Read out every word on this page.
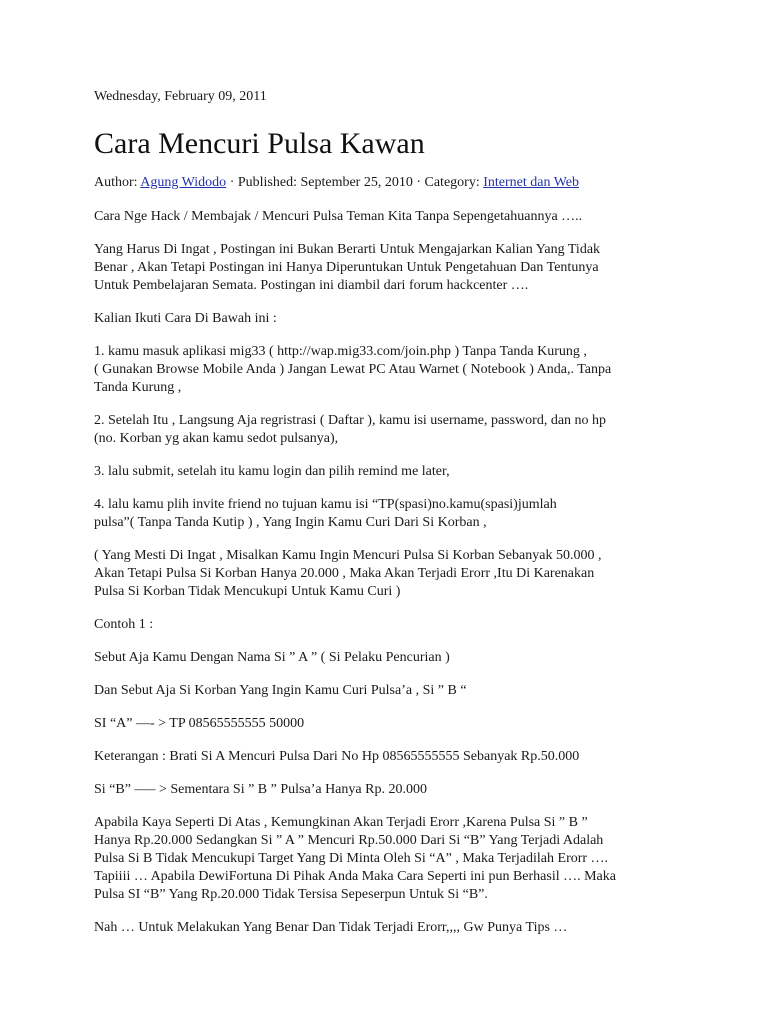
Wednesday, February 09, 2011

Cara Mencuri Pulsa Kawan

Author: Agung Widodo · Published: September 25, 2010 · Category: Internet dan Web

Cara Nge Hack / Membajak / Mencuri Pulsa Teman Kita Tanpa Sepengetahuannya …..

Yang Harus Di Ingat , Postingan ini Bukan Berarti Untuk Mengajarkan Kalian Yang Tidak
Benar , Akan Tetapi Postingan ini Hanya Diperuntukan Untuk Pengetahuan Dan Tentunya
Untuk Pembelajaran Semata. Postingan ini diambil dari forum hackcenter ….

Kalian Ikuti Cara Di Bawah ini :

1. kamu masuk aplikasi mig33 ( http://wap.mig33.com/join.php ) Tanpa Tanda Kurung ,
( Gunakan Browse Mobile Anda ) Jangan Lewat PC Atau Warnet ( Notebook ) Anda,. Tanpa
Tanda Kurung ,

2. Setelah Itu , Langsung Aja regristrasi ( Daftar ), kamu isi username, password, dan no hp
(no. Korban yg akan kamu sedot pulsanya),

3. lalu submit, setelah itu kamu login dan pilih remind me later,

4. lalu kamu plih invite friend no tujuan kamu isi “TP(spasi)no.kamu(spasi)jumlah
pulsa”( Tanpa Tanda Kutip ) , Yang Ingin Kamu Curi Dari Si Korban ,

( Yang Mesti Di Ingat , Misalkan Kamu Ingin Mencuri Pulsa Si Korban Sebanyak 50.000 ,
Akan Tetapi Pulsa Si Korban Hanya 20.000 , Maka Akan Terjadi Erorr ,Itu Di Karenakan
Pulsa Si Korban Tidak Mencukupi Untuk Kamu Curi )

Contoh 1 :

Sebut Aja Kamu Dengan Nama Si ” A ” ( Si Pelaku Pencurian )

Dan Sebut Aja Si Korban Yang Ingin Kamu Curi Pulsa’a , Si ” B “

SI “A” —- > TP 08565555555 50000

Keterangan : Brati Si A Mencuri Pulsa Dari No Hp 08565555555 Sebanyak Rp.50.000

Si “B” —– > Sementara Si ” B ” Pulsa’a Hanya Rp. 20.000

Apabila Kaya Seperti Di Atas , Kemungkinan Akan Terjadi Erorr ,Karena Pulsa Si ” B ”
Hanya Rp.20.000 Sedangkan Si ” A ” Mencuri Rp.50.000 Dari Si “B” Yang Terjadi Adalah
Pulsa Si B Tidak Mencukupi Target Yang Di Minta Oleh Si “A” , Maka Terjadilah Erorr ….
Tapiiii … Apabila DewiFortuna Di Pihak Anda Maka Cara Seperti ini pun Berhasil …. Maka
Pulsa SI “B” Yang Rp.20.000 Tidak Tersisa Sepeserpun Untuk Si “B”.

Nah … Untuk Melakukan Yang Benar Dan Tidak Terjadi Erorr,,,, Gw Punya Tips …
